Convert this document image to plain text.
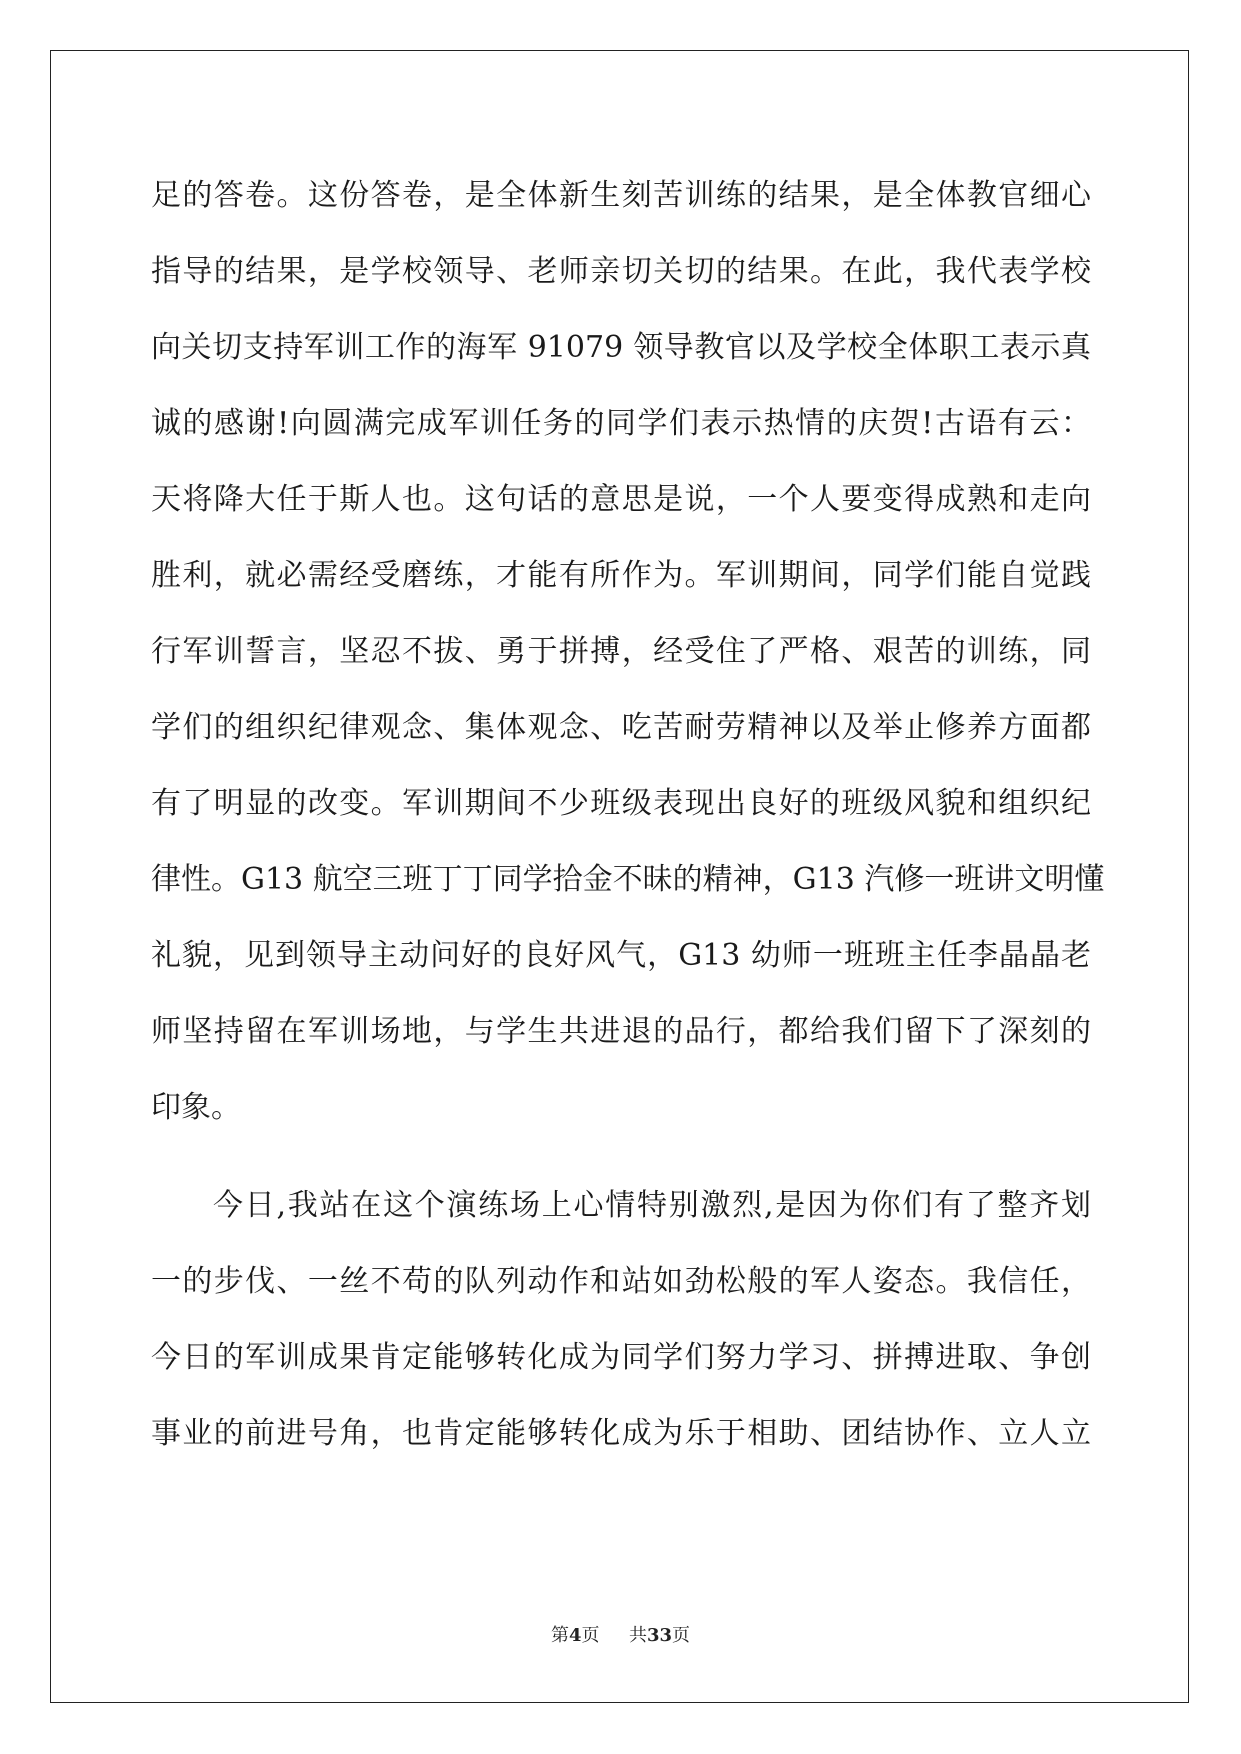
足的答卷。这份答卷，是全体新生刻苦训练的结果，是全体教官细心
指导的结果，是学校领导、老师亲切关切的结果。在此，我代表学校
向关切支持军训工作的海军 91079 领导教官以及学校全体职工表示真
诚的感谢!向圆满完成军训任务的同学们表示热情的庆贺!古语有云：
天将降大任于斯人也。这句话的意思是说，一个人要变得成熟和走向
胜利，就必需经受磨练，才能有所作为。军训期间，同学们能自觉践
行军训誓言，坚忍不拔、勇于拼搏，经受住了严格、艰苦的训练，同
学们的组织纪律观念、集体观念、吃苦耐劳精神以及举止修养方面都
有了明显的改变。军训期间不少班级表现出良好的班级风貌和组织纪
律性。G13 航空三班丁丁同学拾金不昧的精神，G13 汽修一班讲文明懂
礼貌，见到领导主动问好的良好风气，G13 幼师一班班主任李晶晶老
师坚持留在军训场地，与学生共进退的品行，都给我们留下了深刻的
印象。
今日,我站在这个演练场上心情特别激烈,是因为你们有了整齐划
一的步伐、一丝不苟的队列动作和站如劲松般的军人姿态。我信任，
今日的军训成果肯定能够转化成为同学们努力学习、拼搏进取、争创
事业的前进号角，也肯定能够转化成为乐于相助、团结协作、立人立
第4页 共33页
